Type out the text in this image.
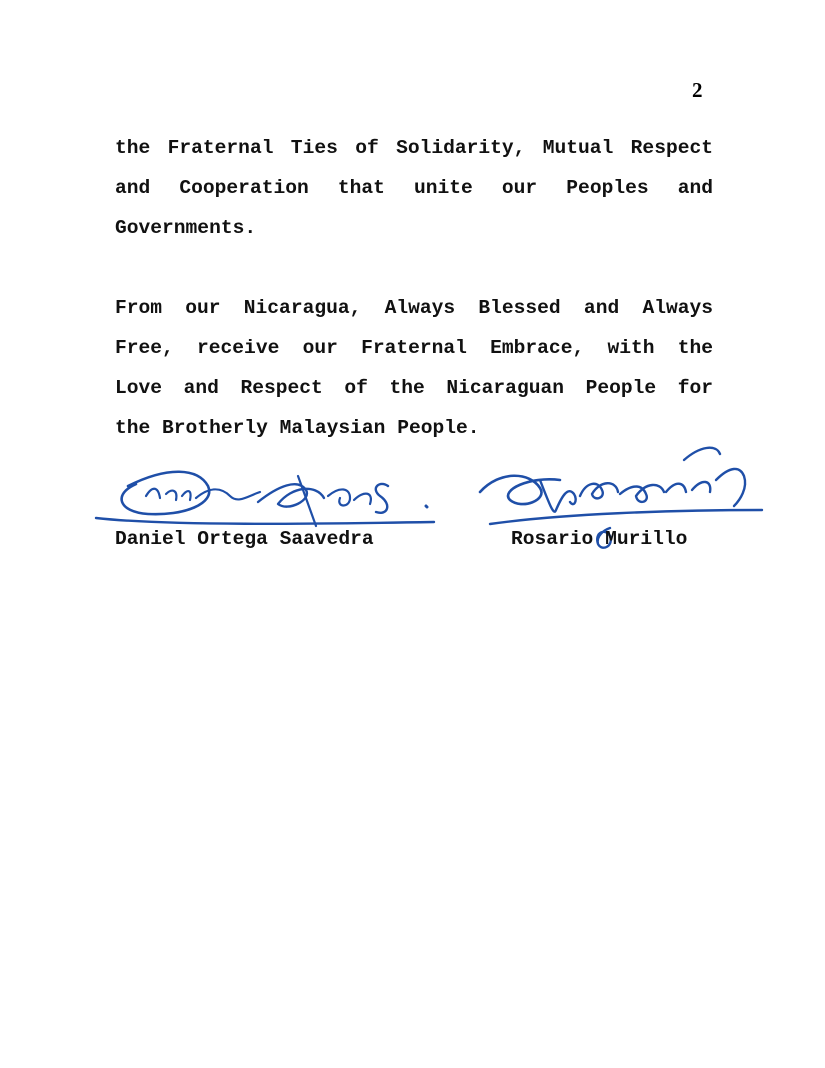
2
the Fraternal Ties of Solidarity, Mutual Respect
and Cooperation that unite our Peoples and
Governments.
From our Nicaragua, Always Blessed and Always
Free, receive our Fraternal Embrace, with the
Love and Respect of the Nicaraguan People for
the Brotherly Malaysian People.
Daniel Ortega Saavedra	Rosario Murillo
